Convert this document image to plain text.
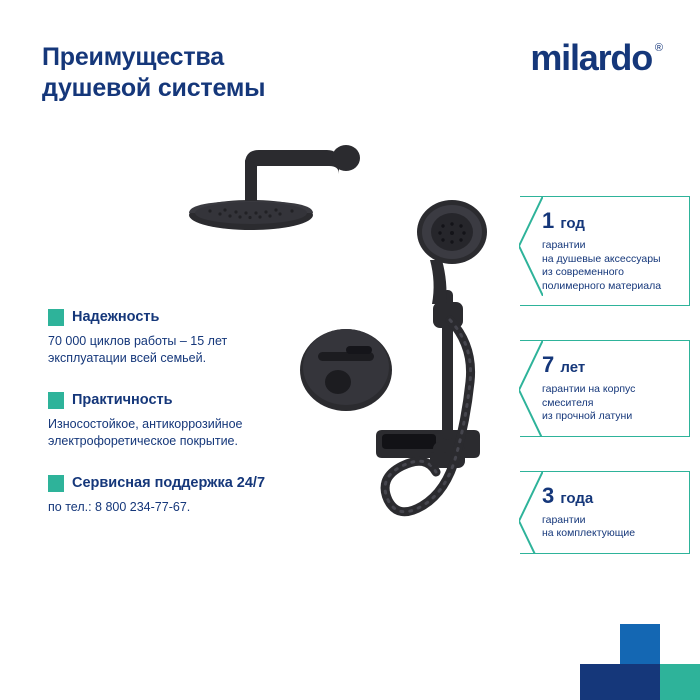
Преимущества
душевой системы
milardo ®
Надежность
70 000 циклов работы – 15 лет
эксплуатации всей семьей.
Практичность
Износостойкое, антикоррозийное
электрофоретическое покрытие.
Сервисная поддержка 24/7
по тел.: 8 800 234-77-67.
1 год
гарантии
на душевые аксессуары
из современного
полимерного материала
7 лет
гарантии на корпус
смесителя
из прочной латуни
3 года
гарантии
на комплектующие
